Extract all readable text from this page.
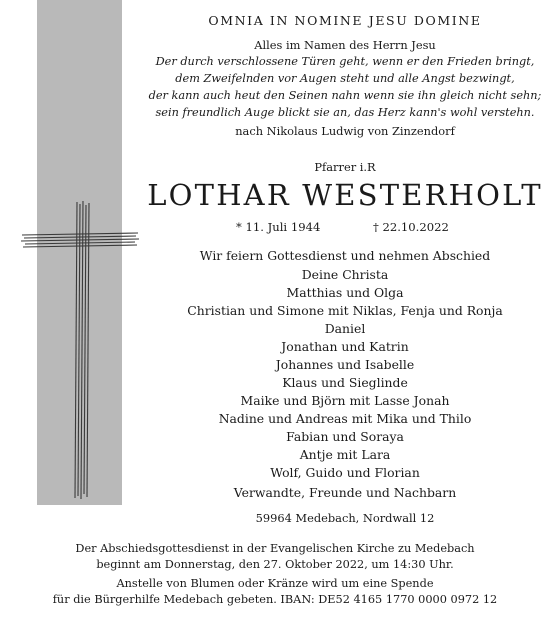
OMNIA IN NOMINE JESU DOMINE
Alles im Namen des Herrn Jesu
Der durch verschlossene Türen geht, wenn er den Frieden bringt,
dem Zweifelnden vor Augen steht und alle Angst bezwingt,
der kann auch heut den Seinen nahn wenn sie ihn gleich nicht sehn;
sein freundlich Auge blickt sie an, das Herz kann's wohl verstehn.
nach Nikolaus Ludwig von Zinzendorf
Pfarrer i.R
LOTHAR WESTERHOLT
* 11. Juli 1944	† 22.10.2022
Wir feiern Gottesdienst und nehmen Abschied
Deine Christa
Matthias und Olga
Christian und Simone mit Niklas, Fenja und Ronja
Daniel
Jonathan und Katrin
Johannes und Isabelle
Klaus und Sieglinde
Maike und Björn mit Lasse Jonah
Nadine und Andreas mit Mika und Thilo
Fabian und Soraya
Antje mit Lara
Wolf, Guido und Florian
Verwandte, Freunde und Nachbarn
59964 Medebach, Nordwall 12
Der Abschiedsgottesdienst in der Evangelischen Kirche zu Medebach
beginnt am Donnerstag, den 27. Oktober 2022, um 14:30 Uhr.
Anstelle von Blumen oder Kränze wird um eine Spende
für die Bürgerhilfe Medebach gebeten. IBAN: DE52 4165 1770 0000 0972 12
